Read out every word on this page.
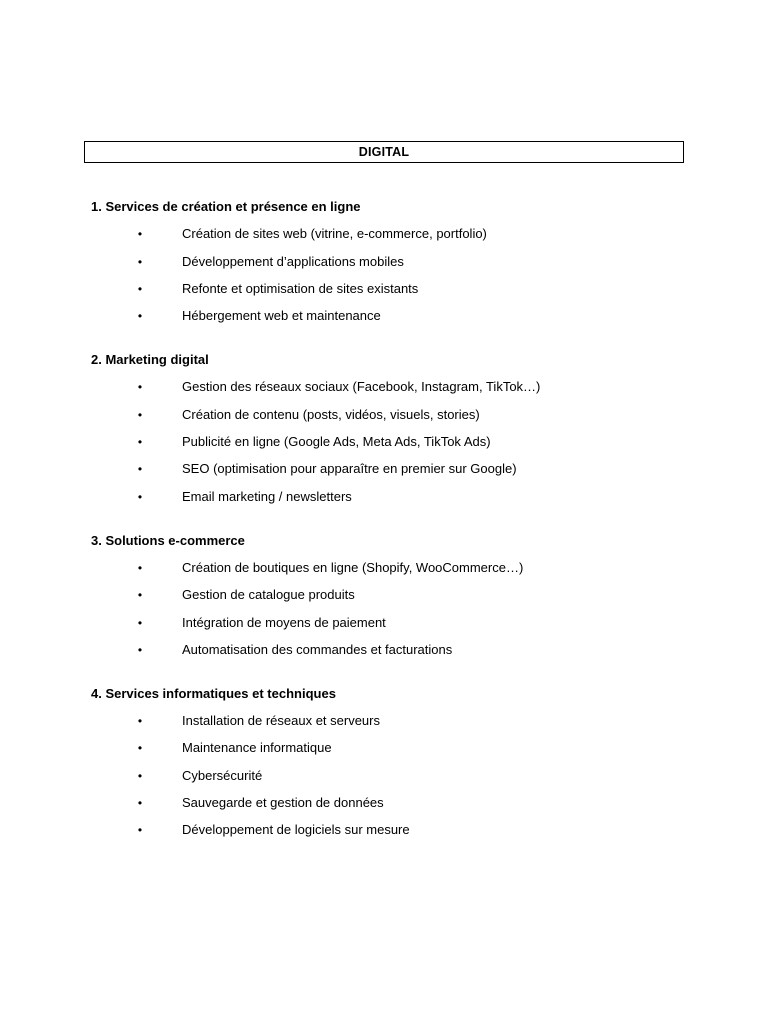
DIGITAL
1. Services de création et présence en ligne
•	Création de sites web (vitrine, e-commerce, portfolio)
•	Développement d’applications mobiles
•	Refonte et optimisation de sites existants
•	Hébergement web et maintenance
2. Marketing digital
•	Gestion des réseaux sociaux (Facebook, Instagram, TikTok…)
•	Création de contenu (posts, vidéos, visuels, stories)
•	Publicité en ligne (Google Ads, Meta Ads, TikTok Ads)
•	SEO (optimisation pour apparaître en premier sur Google)
•	Email marketing / newsletters
3. Solutions e-commerce
•	Création de boutiques en ligne (Shopify, WooCommerce…)
•	Gestion de catalogue produits
•	Intégration de moyens de paiement
•	Automatisation des commandes et facturations
4. Services informatiques et techniques
•	Installation de réseaux et serveurs
•	Maintenance informatique
•	Cybersécurité
•	Sauvegarde et gestion de données
•	Développement de logiciels sur mesure
